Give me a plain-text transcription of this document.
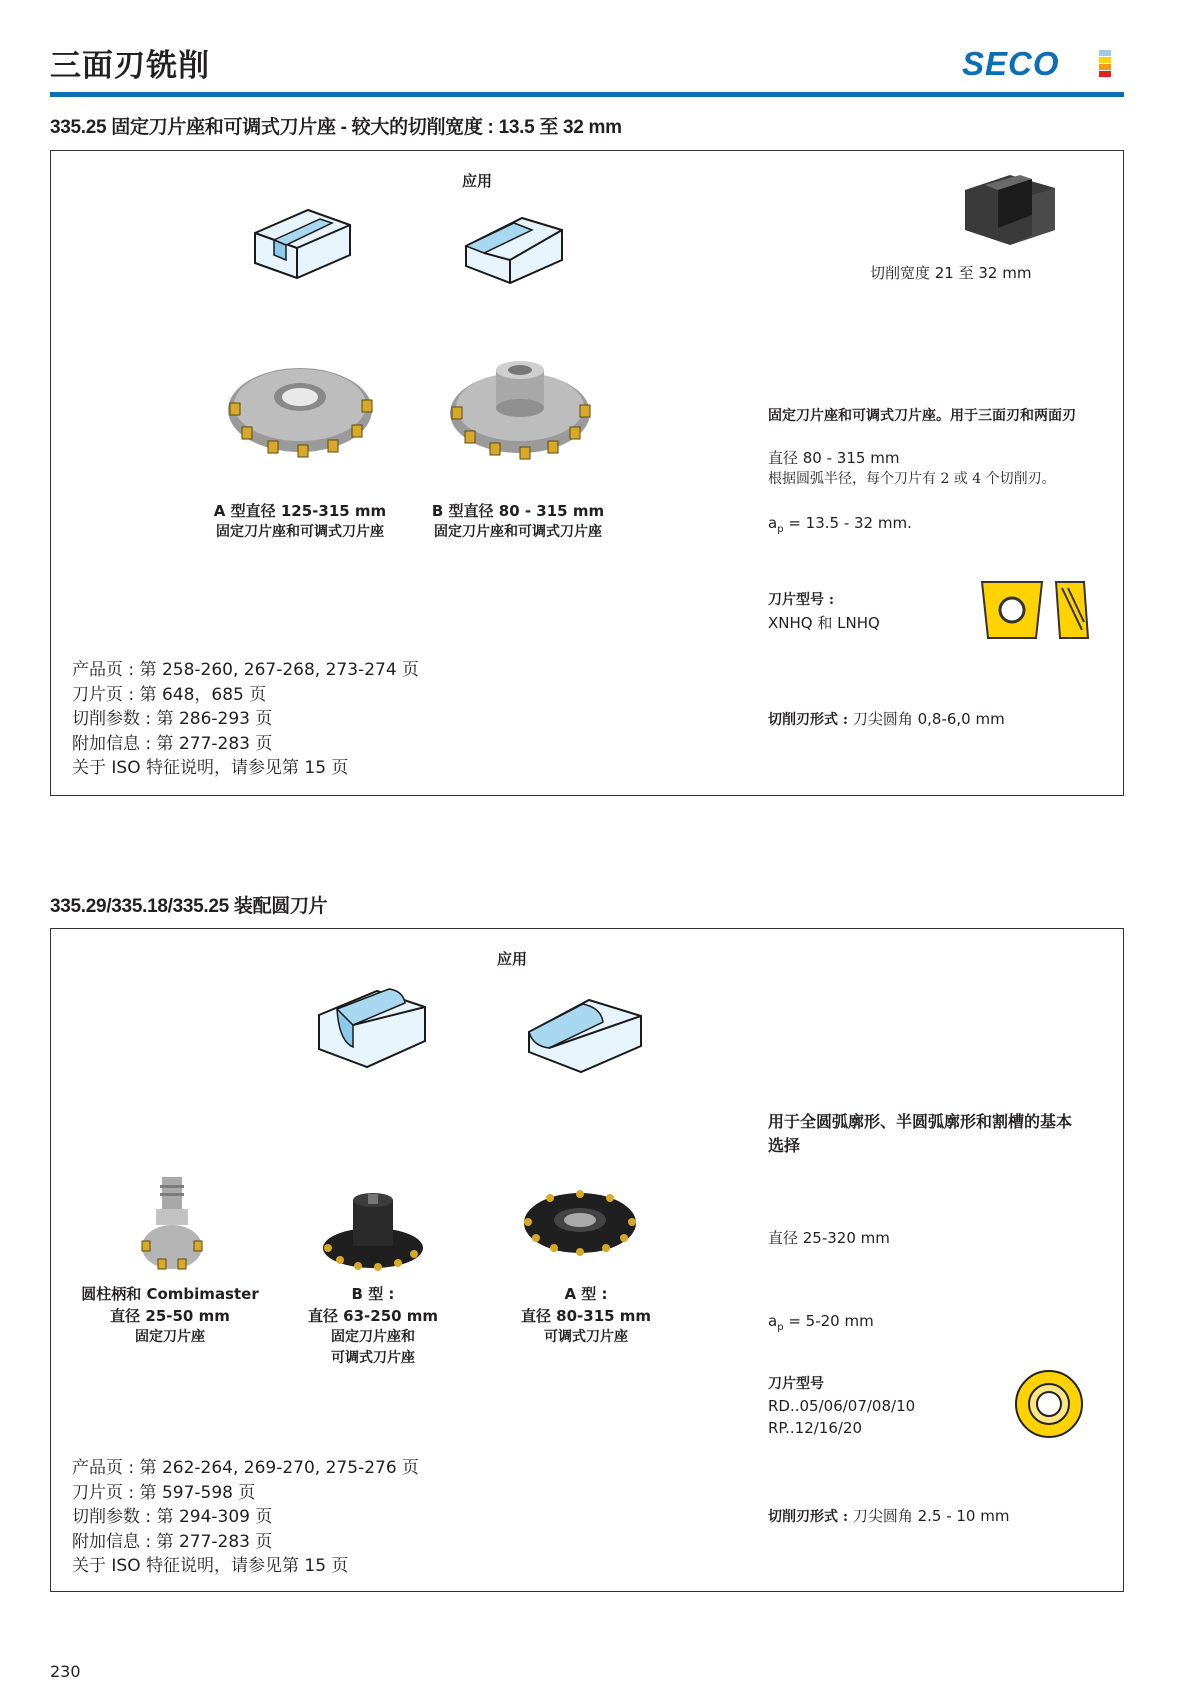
三面刃铣削	SECO
335.25 固定刀片座和可调式刀片座 - 较大的切削宽度 : 13.5 至 32 mm
应用
切削宽度 21 至 32 mm
A 型直径 125-315 mm
固定刀片座和可调式刀片座
B 型直径 80 - 315 mm
固定刀片座和可调式刀片座
固定刀片座和可调式刀片座。用于三面刃和两面刃
直径 80 - 315 mm
根据圆弧半径，每个刀片有 2 或 4 个切削刃。
$a_p = 13.5 - 32$ mm.
刀片型号 :
XNHQ 和 LNHQ
切削刃形式 : 刀尖圆角 0,8-6,0 mm
产品页 : 第 258-260, 267-268, 273-274 页
刀片页 : 第 648，685 页
切削参数 : 第 286-293 页
附加信息 : 第 277-283 页
关于 ISO 特征说明，请参见第 15 页
335.29/335.18/335.25 装配圆刀片
应用
用于全圆弧廓形、半圆弧廓形和割槽的基本
选择
直径 25-320 mm
$a_p = 5-20$ mm
刀片型号
RD..05/06/07/08/10
RP..12/16/20
切削刃形式 : 刀尖圆角 2.5 - 10 mm
圆柱柄和 Combimaster
直径 25-50 mm
固定刀片座
B 型 :
直径 63-250 mm
固定刀片座和
可调式刀片座
A 型 :
直径 80-315 mm
可调式刀片座
产品页 : 第 262-264, 269-270, 275-276 页
刀片页 : 第 597-598 页
切削参数 : 第 294-309 页
附加信息 : 第 277-283 页
关于 ISO 特征说明，请参见第 15 页
230
